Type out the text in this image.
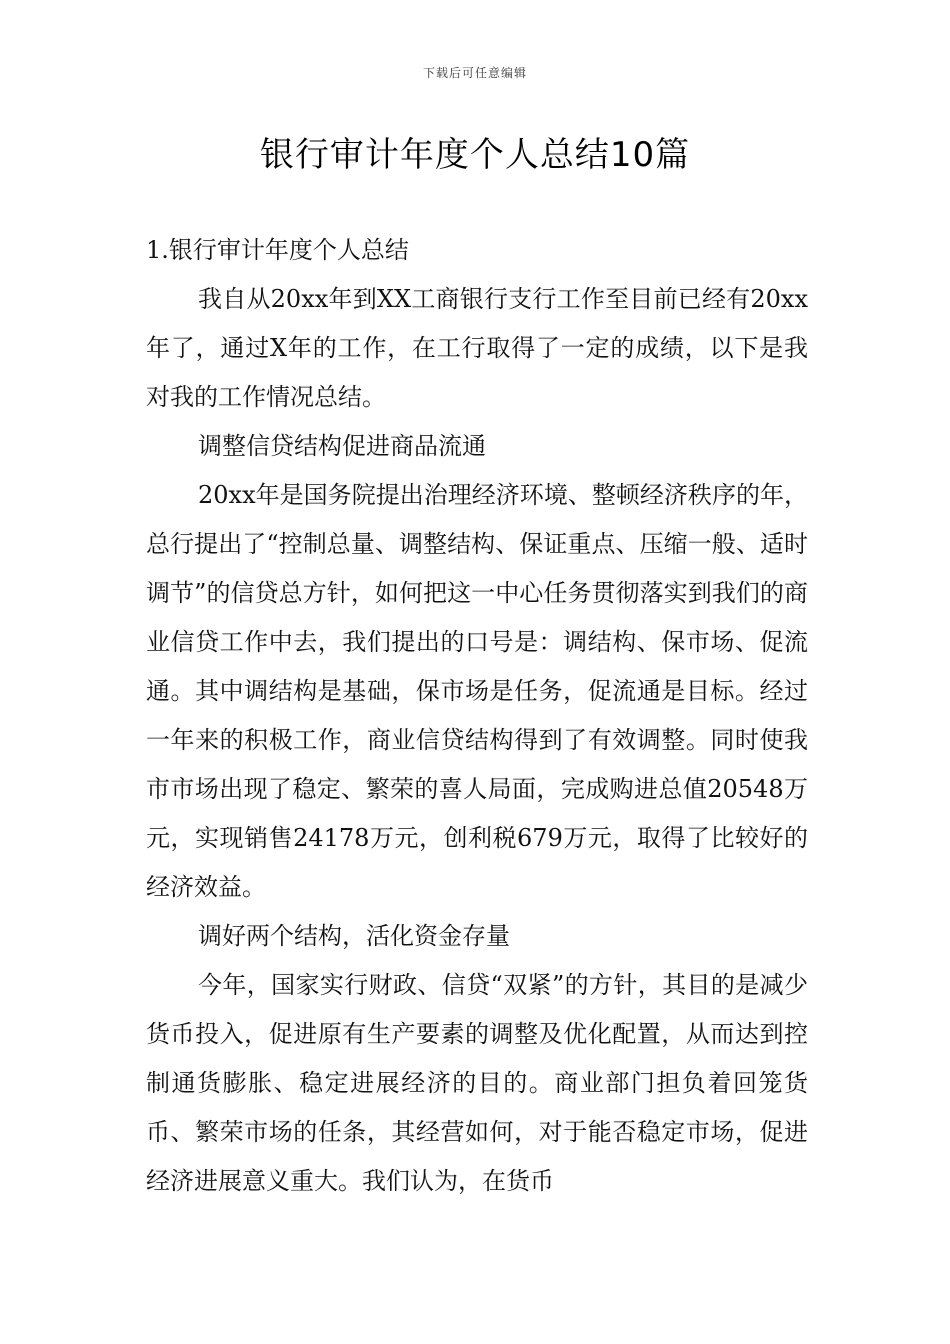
下载后可任意编辑
银行审计年度个人总结10篇

1.银行审计年度个人总结

我自从20xx年到XX工商银行支行工作至目前已经有20xx年了，通过X年的工作，在工行取得了一定的成绩，以下是我对我的工作情况总结。

调整信贷结构促进商品流通

20xx年是国务院提出治理经济环境、整顿经济秩序的年，总行提出了“控制总量、调整结构、保证重点、压缩一般、适时调节”的信贷总方针，如何把这一中心任务贯彻落实到我们的商业信贷工作中去，我们提出的口号是：调结构、保市场、促流通。其中调结构是基础，保市场是任务，促流通是目标。经过一年来的积极工作，商业信贷结构得到了有效调整。同时使我市市场出现了稳定、繁荣的喜人局面，完成购进总值20548万元，实现销售24178万元，创利税679万元，取得了比较好的经济效益。

调好两个结构，活化资金存量

今年，国家实行财政、信贷“双紧”的方针，其目的是减少货币投入，促进原有生产要素的调整及优化配置，从而达到控制通货膨胀、稳定进展经济的目的。商业部门担负着回笼货币、繁荣市场的任条，其经营如何，对于能否稳定市场，促进经济进展意义重大。我们认为，在货币
